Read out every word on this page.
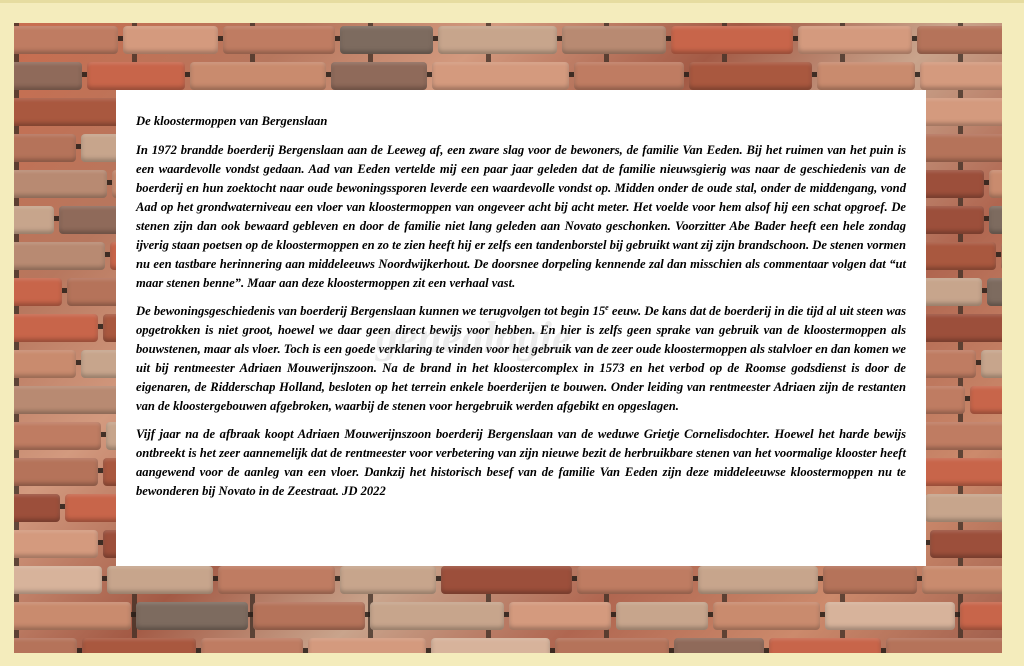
De kloostermoppen van Bergenslaan

In 1972 brandde boerderij Bergenslaan aan de Leeweg af, een zware slag voor de bewoners, de familie Van Eeden. Bij het ruimen van het puin is een waardevolle vondst gedaan. Aad van Eeden vertelde mij een paar jaar geleden dat de familie nieuwsgierig was naar de geschiedenis van de boerderij en hun zoektocht naar oude bewoningssporen leverde een waardevolle vondst op. Midden onder de oude stal, onder de middengang, vond Aad op het grondwaterniveau een vloer van kloostermoppen van ongeveer acht bij acht meter. Het voelde voor hem alsof hij een schat opgroef. De stenen zijn dan ook bewaard gebleven en door de familie niet lang geleden aan Novato geschonken. Voorzitter Abe Bader heeft een hele zondag ijverig staan poetsen op de kloostermoppen en zo te zien heeft hij er zelfs een tandenborstel bij gebruikt want zij zijn brandschoon. De stenen vormen nu een tastbare herinnering aan middeleeuws Noordwijkerhout. De doorsnee dorpeling kennende zal dan misschien als commentaar volgen dat “ut maar stenen benne”. Maar aan deze kloostermoppen zit een verhaal vast.

De bewoningsgeschiedenis van boerderij Bergenslaan kunnen we terugvolgen tot begin 15e eeuw. De kans dat de boerderij in die tijd al uit steen was opgetrokken is niet groot, hoewel we daar geen direct bewijs voor hebben. En hier is zelfs geen sprake van gebruik van de kloostermoppen als bouwstenen, maar als vloer. Toch is een goede verklaring te vinden voor het gebruik van de zeer oude kloostermoppen als stalvloer en dan komen we uit bij rentmeester Adriaen Mouwerijnszoon. Na de brand in het kloostercomplex in 1573 en het verbod op de Roomse godsdienst is door de eigenaren, de Ridderschap Holland, besloten op het terrein enkele boerderijen te bouwen. Onder leiding van rentmeester Adriaen zijn de restanten van de kloostergebouwen afgebroken, waarbij de stenen voor hergebruik werden afgebikt en opgeslagen.

Vijf jaar na de afbraak koopt Adriaen Mouwerijnszoon boerderij Bergenslaan van de weduwe Grietje Cornelisdochter. Hoewel het harde bewijs ontbreekt is het zeer aannemelijk dat de rentmeester voor verbetering van zijn nieuwe bezit de herbruikbare stenen van het voormalige klooster heeft aangewend voor de aanleg van een vloer. Dankzij het historisch besef van de familie Van Eeden zijn deze middeleeuwse kloostermoppen nu te bewonderen bij Novato in de Zeestraat. JD 2022

genealogie
